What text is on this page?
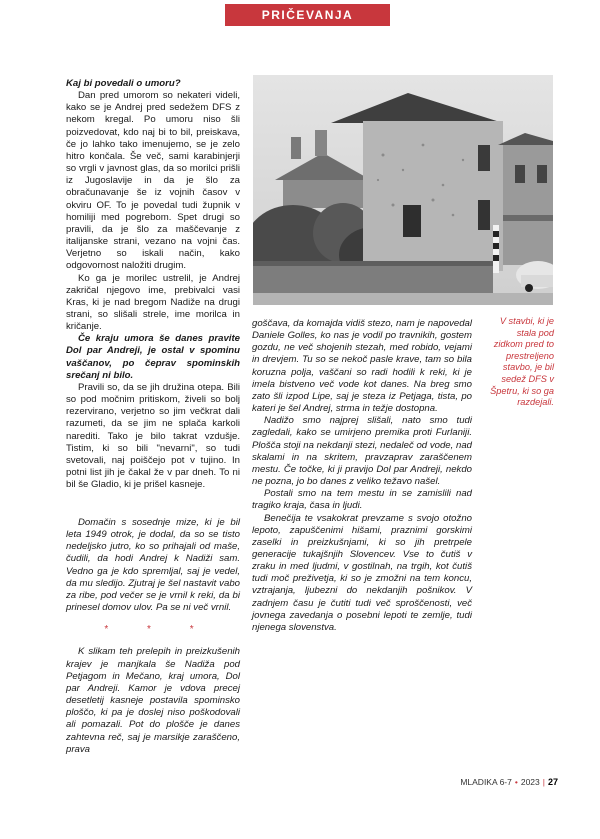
PRIČEVANJA

Kaj bi povedali o umoru?

Dan pred umorom so nekateri videli, kako se je Andrej pred sedežem DFS z nekom kregal. Po umoru niso šli poizvedovat, kdo naj bi to bil, preiskava, če jo lahko tako imenujemo, se je zelo hitro končala. Še več, sami karabinjerji so vrgli v javnost glas, da so morilci prišli iz Jugoslavije in da je šlo za obračunavanje še iz vojnih časov v okviru OF. To je povedal tudi župnik v homiliji med pogrebom. Spet drugi so pravili, da je šlo za maščevanje z italijanske strani, vezano na vojni čas. Verjetno so iskali način, kako odgovornost naložiti drugim.

Ko ga je morilec ustrelil, je Andrej zakričal njegovo ime, prebivalci vasi Kras, ki je nad bregom Nadiže na drugi strani, so slišali strele, ime morilca in kričanje.

Če kraju umora še danes pravite Dol par Andreji, je ostal v spominu vaščanov, po čeprav spominskih srečanj ni bilo.

Pravili so, da se jih družina otepa. Bili so pod močnim pritiskom, živeli so bolj rezervirano, verjetno so jim večkrat dali razumeti, da se jim ne splača karkoli narediti. Tako je bilo takrat vzdušje. Tistim, ki so bili "nevarni", so tudi svetovali, naj poiščejo pot v tujino. In potni list jih je čakal že v par dneh. To ni bil še Gladio, ki je prišel kasneje.

Domačin s sosednje mize, ki je bil leta 1949 otrok, je dodal, da so se tisto nedeljsko jutro, ko so prihajali od maše, čudili, da hodi Andrej k Nadiži sam. Vedno ga je kdo spremljal, saj je vedel, da mu sledijo. Zjutraj je šel nastavit vabo za ribe, pod večer se je vrnil k reki, da bi prinesel domov ulov. Pa se ni več vrnil.

* * *

K slikam teh prelepih in preizkušenih krajev je manjkala še Nadiža pod Petjagom in Mečano, kraj umora, Dol par Andreji. Kamor je vdova precej desetletij kasneje postavila spominsko ploščo, ki pa je doslej niso poškodovali ali pomazali. Pot do plošče je danes zahtevna reč, saj je marsikje zaraščeno, prava

goščava, da komajda vidiš stezo, nam je napovedal Daniele Golles, ko nas je vodil po travnikih, gostem gozdu, ne več shojenih stezah, med robido, vejami in drevjem. Tu so se nekoč pasle krave, tam so bila koruzna polja, vaščani so radi hodili k reki, ki je imela bistveno več vode kot danes. Na breg smo zato šli izpod Lipe, saj je steza iz Petjaga, tista, po kateri je šel Andrej, strma in težje dostopna.

Nadižo smo najprej slišali, nato smo tudi zagledali, kako se umirjeno premika proti Furlaniji. Plošča stoji na nekdanji stezi, nedaleč od vode, nad skalami in na skritem, pravzaprav zaraščenem mestu. Če točke, ki ji pravijo Dol par Andreji, nekdo ne pozna, jo bo danes z veliko težavo našel.

Postali smo na tem mestu in se zamislili nad tragiko kraja, časa in ljudi.

Benečija te vsakokrat prevzame s svojo otožno lepoto, zapuščenimi hišami, praznimi gorskimi zaselki in preizkušnjami, ki so jih pretrpele generacije tukajšnjih Slovencev. Vse to čutiš v zraku in med ljudmi, v gostilnah, na trgih, kot čutiš tudi moč preživetja, ki so je zmožni na tem koncu, vztrajanja, ljubezni do nekdanjih pošnikov. V zadnjem času je čutiti tudi več sproščenosti, več jovnega zavedanja o posebni lepoti te zemlje, tudi njenega slovenstva.

V stavbi, ki je stala pod zidkom pred to prestreljeno stavbo, je bil sedež DFS v Špetru, ki so ga razdejali.
MLADIKA 6-7 • 2023 | 27
